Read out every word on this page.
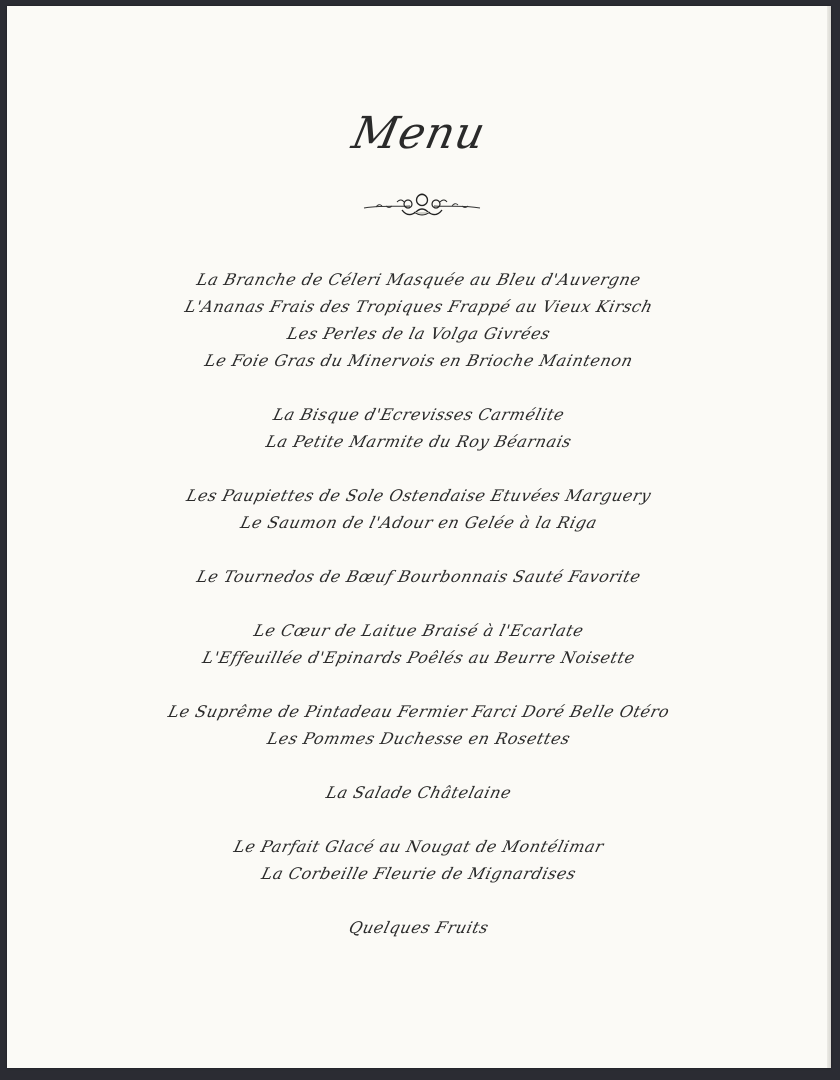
Menu
La Branche de Céleri Masquée au Bleu d'Auvergne
L'Ananas Frais des Tropiques Frappé au Vieux Kirsch
Les Perles de la Volga Givrées
Le Foie Gras du Minervois en Brioche Maintenon
La Bisque d'Ecrevisses Carmélite
La Petite Marmite du Roy Béarnais
Les Paupiettes de Sole Ostendaise Etuvées Marguery
Le Saumon de l'Adour en Gelée à la Riga
Le Tournedos de Bœuf Bourbonnais Sauté Favorite
Le Cœur de Laitue Braisé à l'Ecarlate
L'Effeuillée d'Epinards Poêlés au Beurre Noisette
Le Suprême de Pintadeau Fermier Farci Doré Belle Otéro
Les Pommes Duchesse en Rosettes
La Salade Châtelaine
Le Parfait Glacé au Nougat de Montélimar
La Corbeille Fleurie de Mignardises
Quelques Fruits
